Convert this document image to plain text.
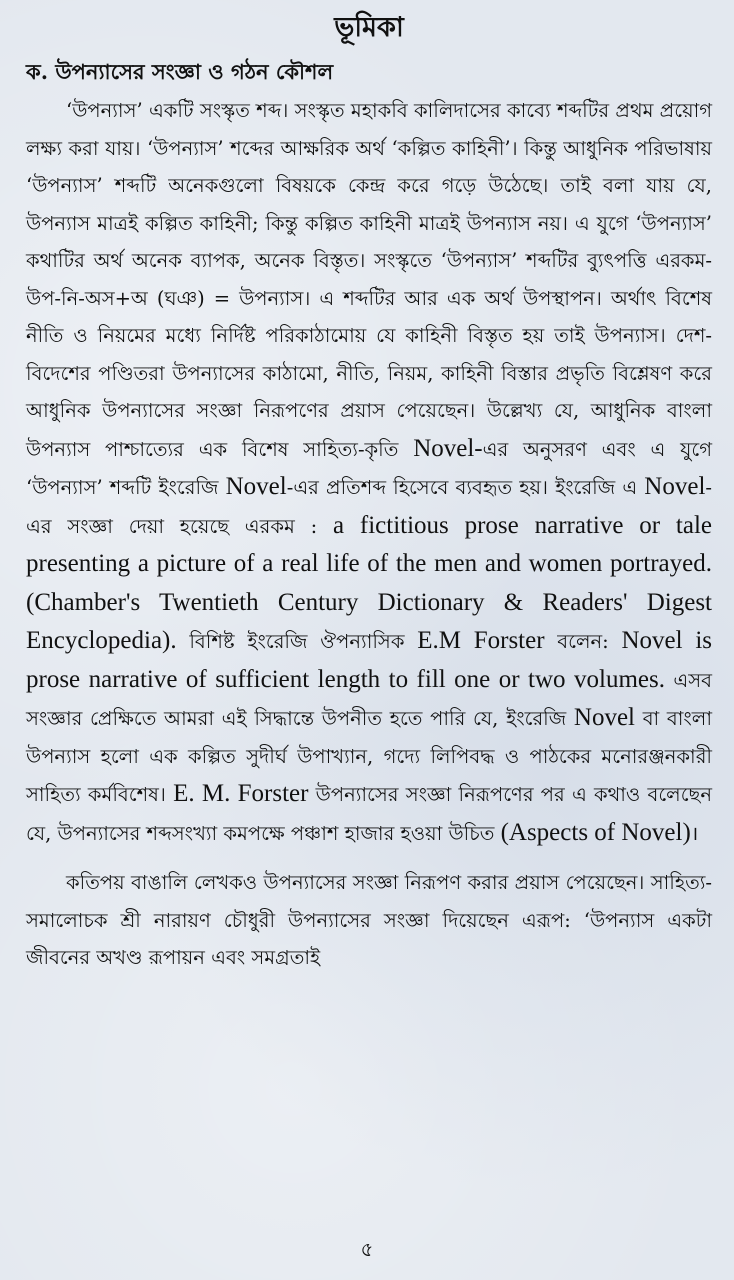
ভূমিকা
ক. উপন্যাসের সংজ্ঞা ও গঠন কৌশল

‘উপন্যাস’ একটি সংস্কৃত শব্দ। সংস্কৃত মহাকবি কালিদাসের কাব্যে শব্দটির প্রথম প্রয়োগ লক্ষ্য করা যায়। ‘উপন্যাস’ শব্দের আক্ষরিক অর্থ ‘কল্পিত কাহিনী’। কিন্তু আধুনিক পরিভাষায় ‘উপন্যাস’ শব্দটি অনেকগুলো বিষয়কে কেন্দ্র করে গড়ে উঠেছে। তাই বলা যায় যে, উপন্যাস মাত্রই কল্পিত কাহিনী; কিন্তু কল্পিত কাহিনী মাত্রই উপন্যাস নয়। এ যুগে ‘উপন্যাস’ কথাটির অর্থ অনেক ব্যাপক, অনেক বিস্তৃত। সংস্কৃতে ‘উপন্যাস’ শব্দটির ব্যুৎপত্তি এরকম-উপ-নি-অস+অ (ঘঞ) = উপন্যাস। এ শব্দটির আর এক অর্থ উপস্থাপন। অর্থাৎ বিশেষ নীতি ও নিয়মের মধ্যে নির্দিষ্ট পরিকাঠামোয় যে কাহিনী বিস্তৃত হয় তাই উপন্যাস। দেশ-বিদেশের পণ্ডিতরা উপন্যাসের কাঠামো, নীতি, নিয়ম, কাহিনী বিস্তার প্রভৃতি বিশ্লেষণ করে আধুনিক উপন্যাসের সংজ্ঞা নিরূপণের প্রয়াস পেয়েছেন। উল্লেখ্য যে, আধুনিক বাংলা উপন্যাস পাশ্চাত্যের এক বিশেষ সাহিত্য-কৃতি Novel-এর অনুসরণ এবং এ যুগে ‘উপন্যাস’ শব্দটি ইংরেজি Novel-এর প্রতিশব্দ হিসেবে ব্যবহৃত হয়। ইংরেজি এ Novel-এর সংজ্ঞা দেয়া হয়েছে এরকম : a fictitious prose narrative or tale presenting a picture of a real life of the men and women portrayed. (Chamber's Twentieth Century Dictionary & Readers' Digest Encyclopedia). বিশিষ্ট ইংরেজি ঔপন্যাসিক E.M Forster বলেন: Novel is prose narrative of sufficient length to fill one or two volumes. এসব সংজ্ঞার প্রেক্ষিতে আমরা এই সিদ্ধান্তে উপনীত হতে পারি যে, ইংরেজি Novel বা বাংলা উপন্যাস হলো এক কল্পিত সুদীর্ঘ উপাখ্যান, গদ্যে লিপিবদ্ধ ও পাঠকের মনোরঞ্জনকারী সাহিত্য কর্মবিশেষ। E. M. Forster উপন্যাসের সংজ্ঞা নিরূপণের পর এ কথাও বলেছেন যে, উপন্যাসের শব্দসংখ্যা কমপক্ষে পঞ্চাশ হাজার হওয়া উচিত (Aspects of Novel)।

কতিপয় বাঙালি লেখকও উপন্যাসের সংজ্ঞা নিরূপণ করার প্রয়াস পেয়েছেন। সাহিত্য-সমালোচক শ্রী নারায়ণ চৌধুরী উপন্যাসের সংজ্ঞা দিয়েছেন এরূপ: ‘উপন্যাস একটা জীবনের অখণ্ড রূপায়ন এবং সমগ্রতাই

৫
